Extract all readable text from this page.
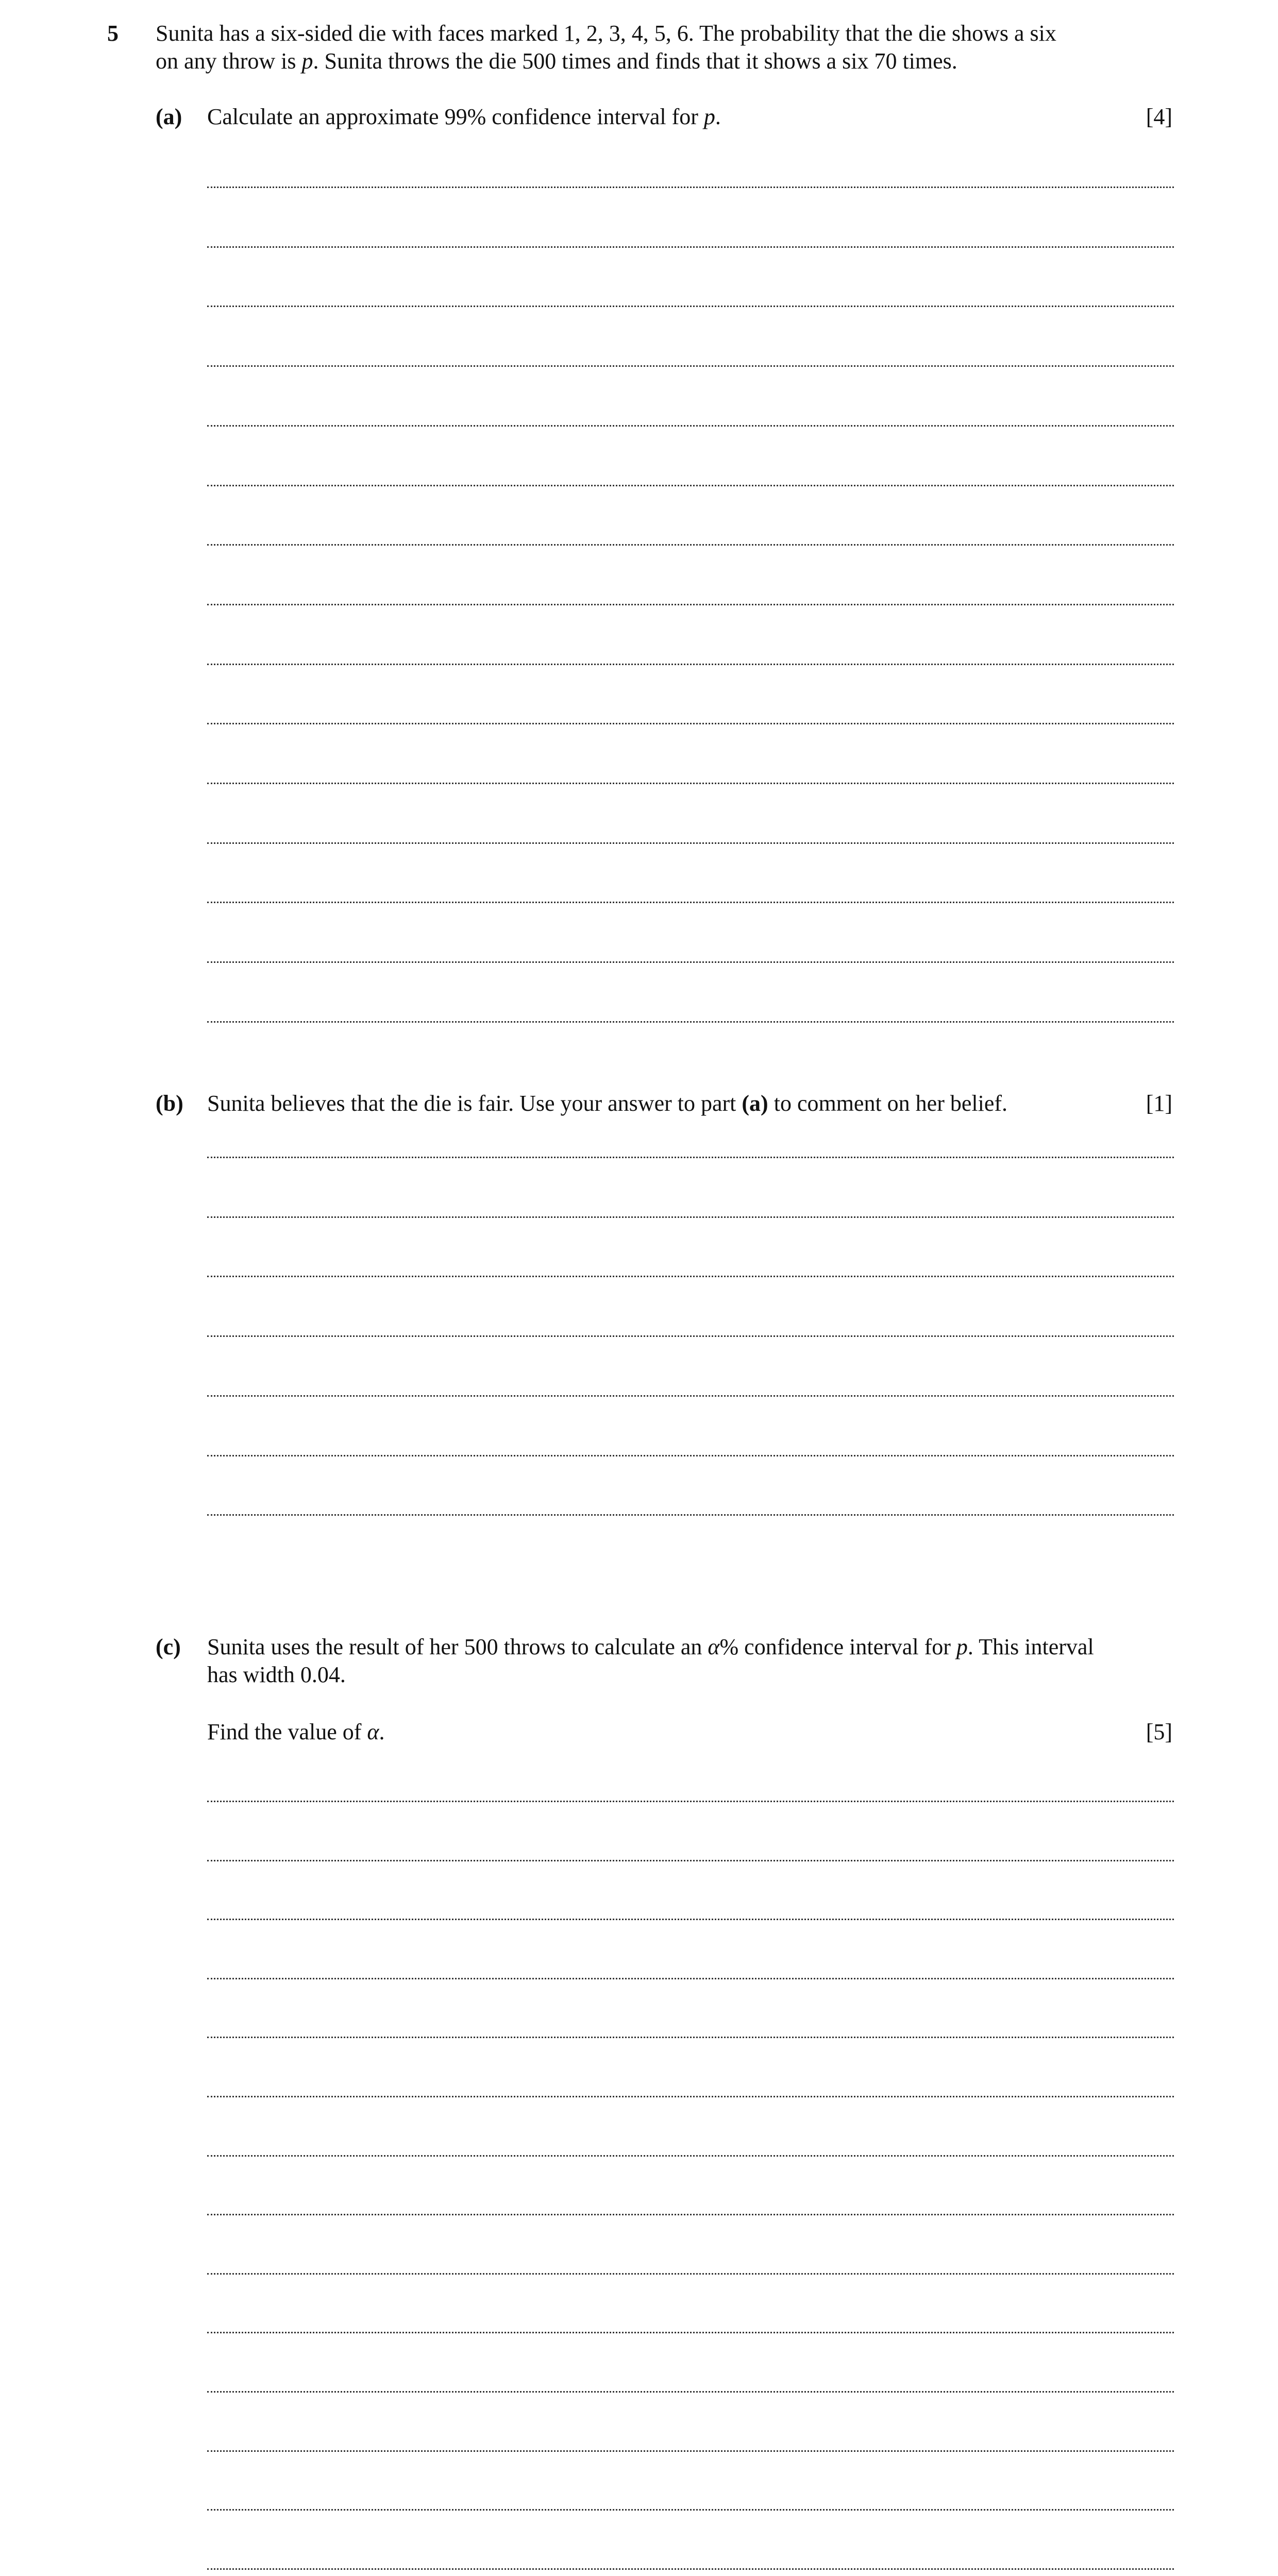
5 Sunita has a six-sided die with faces marked 1, 2, 3, 4, 5, 6. The probability that the die shows a six
on any throw is p. Sunita throws the die 500 times and finds that it shows a six 70 times.
(a) Calculate an approximate 99% confidence interval for p.	[4]
(b) Sunita believes that the die is fair. Use your answer to part (a) to comment on her belief.	[1]
(c) Sunita uses the result of her 500 throws to calculate an α% confidence interval for p. This interval
has width 0.04.
Find the value of α.	[5]
